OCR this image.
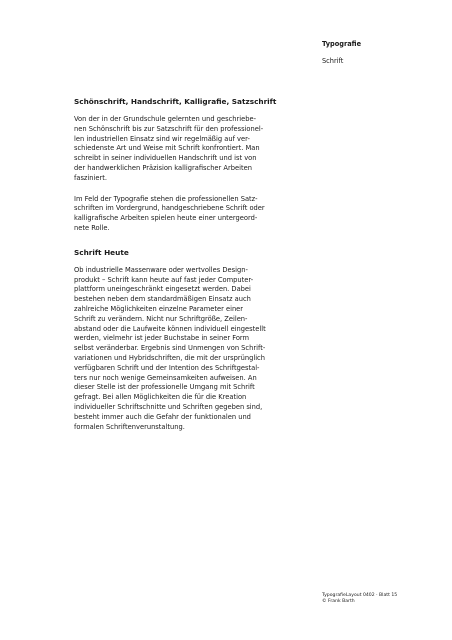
Typografie

Schrift

Schönschrift, Handschrift, Kalligrafie, Satzschrift

Von der in der Grundschule gelernten und geschriebe-
nen Schönschrift bis zur Satzschrift für den professionel-
len industriellen Einsatz sind wir regelmäßig auf ver-
schiedenste Art und Weise mit Schrift konfrontiert. Man
schreibt in seiner individuellen Handschrift und ist von
der handwerklichen Präzision kalligrafischer Arbeiten
fasziniert.

Im Feld der Typografie stehen die professionellen Satz-
schriften im Vordergrund, handgeschriebene Schrift oder
kalligrafische Arbeiten spielen heute einer untergeord-
nete Rolle.

Schrift Heute

Ob industrielle Massenware oder wertvolles Design-
produkt – Schrift kann heute auf fast jeder Computer-
plattform uneingeschränkt eingesetzt werden. Dabei
bestehen neben dem standardmäßigen Einsatz auch
zahlreiche Möglichkeiten einzelne Parameter einer
Schrift zu verändern. Nicht nur Schriftgröße, Zeilen-
abstand oder die Laufweite können individuell eingestellt
werden, vielmehr ist jeder Buchstabe in seiner Form
selbst veränderbar. Ergebnis sind Unmengen von Schrift-
variationen und Hybridschriften, die mit der ursprünglich
verfügbaren Schrift und der Intention des Schriftgestal-
ters nur noch wenige Gemeinsamkeiten aufweisen. An
dieser Stelle ist der professionelle Umgang mit Schrift
gefragt. Bei allen Möglichkeiten die für die Kreation
individueller Schriftschnitte und Schriften gegeben sind,
besteht immer auch die Gefahr der funktionalen und
formalen Schriftenverunstaltung.

TypografieLayout 0402 · Blatt 15
© Frank Barth
